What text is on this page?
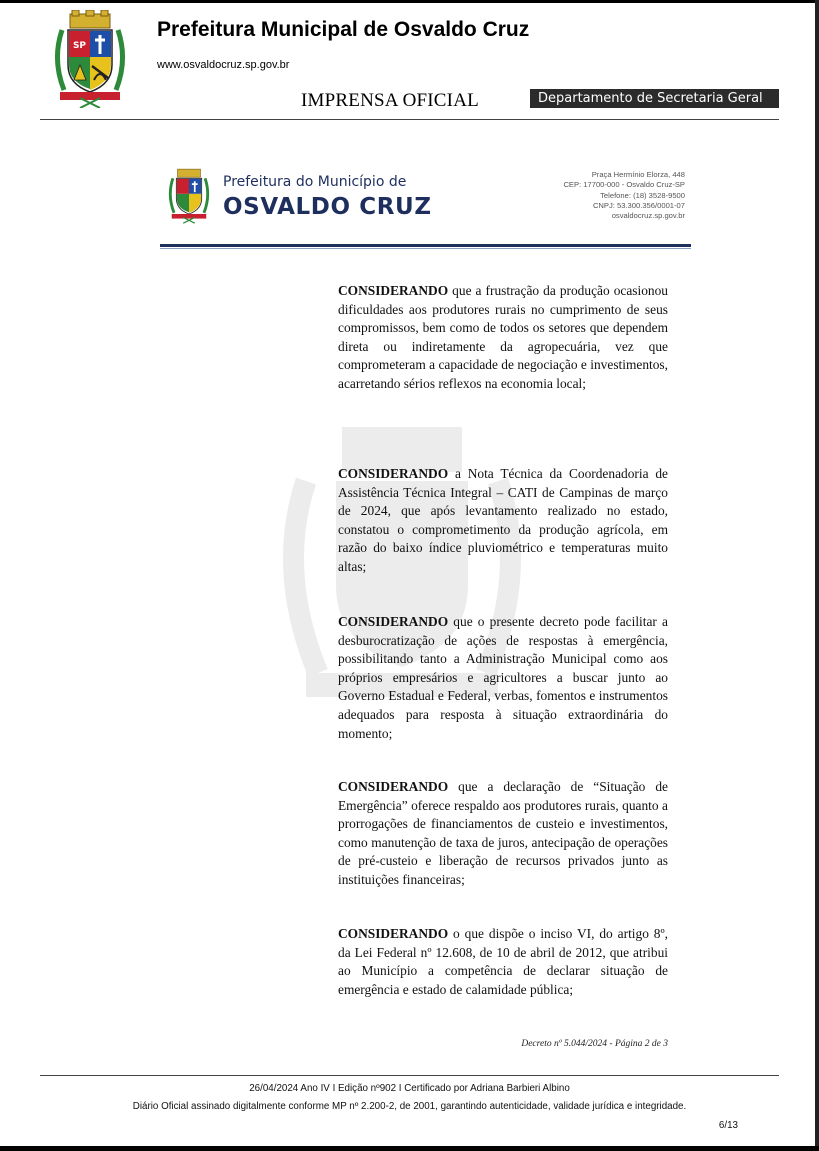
SP
Prefeitura Municipal de Osvaldo Cruz
www.osvaldocruz.sp.gov.br
IMPRENSA OFICIAL	Departamento de Secretaria Geral
Prefeitura do Município de
OSVALDO CRUZ
Praça Hermínio Elorza, 448
CEP: 17700-000 - Osvaldo Cruz-SP
Telefone: (18) 3528-9500
CNPJ: 53.300.356/0001-07
osvaldocruz.sp.gov.br

CONSIDERANDO que a frustração da produção ocasionou dificuldades aos produtores rurais no cumprimento de seus compromissos, bem como de todos os setores que dependem direta ou indiretamente da agropecuária, vez que comprometeram a capacidade de negociação e investimentos, acarretando sérios reflexos na economia local;

CONSIDERANDO a Nota Técnica da Coordenadoria de Assistência Técnica Integral – CATI de Campinas de março de 2024, que após levantamento realizado no estado, constatou o comprometimento da produção agrícola, em razão do baixo índice pluviométrico e temperaturas muito altas;

CONSIDERANDO que o presente decreto pode facilitar a desburocratização de ações de respostas à emergência, possibilitando tanto a Administração Municipal como aos próprios empresários e agricultores a buscar junto ao Governo Estadual e Federal, verbas, fomentos e instrumentos adequados para resposta à situação extraordinária do momento;

CONSIDERANDO que a declaração de “Situação de Emergência” oferece respaldo aos produtores rurais, quanto a prorrogações de financiamentos de custeio e investimentos, como manutenção de taxa de juros, antecipação de operações de pré-custeio e liberação de recursos privados junto as instituições financeiras;

CONSIDERANDO o que dispõe o inciso VI, do artigo 8º, da Lei Federal nº 12.608, de 10 de abril de 2012, que atribui ao Município a competência de declarar situação de emergência e estado de calamidade pública;

Decreto nº 5.044/2024 - Página 2 de 3
26/04/2024 Ano IV I Edição nº902 I Certificado por Adriana Barbieri Albino
Diário Oficial assinado digitalmente conforme MP nº 2.200-2, de 2001, garantindo autenticidade, validade jurídica e integridade.
6/13
